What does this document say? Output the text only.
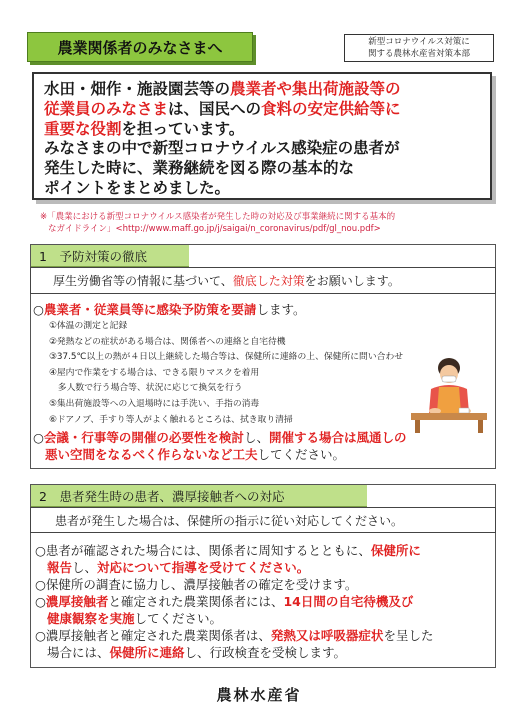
農業関係者のみなさまへ	新型コロナウイルス対策に
関する農林水産省対策本部
水田・畑作・施設園芸等の農業者や集出荷施設等の
従業員のみなさまは、国民への食料の安定供給等に
重要な役割を担っています。
みなさまの中で新型コロナウイルス感染症の患者が
発生した時に、業務継続を図る際の基本的な
ポイントをまとめました。
※「農業における新型コロナウイルス感染者が発生した時の対応及び事業継続に関する基本的
なガイドライン」<http://www.maff.go.jp/j/saigai/n_coronavirus/pdf/gl_nou.pdf>
1　予防対策の徹底
厚生労働省等の情報に基づいて、 徹底した対策 をお願いします。
○農業者・従業員等に感染予防策を要請します。
①体温の測定と記録
②発熱などの症状がある場合は、関係者への連絡と自宅待機
③37.5℃以上の熱が４日以上継続した場合等は、保健所に連絡の上、保健所に問い合わせ
④屋内で作業をする場合は、できる限りマスクを着用
　多人数で行う場合等、状況に応じて換気を行う
⑤集出荷施設等への入退場時には手洗い、手指の消毒
⑥ドアノブ、手すり等人がよく触れるところは、拭き取り清掃
○会議・行事等の開催の必要性を検討し、開催する場合は風通しの
悪い空間をなるべく作らないなど工夫してください。
2　患者発生時の患者、濃厚接触者への対応
患者が発生した場合は、保健所の指示に従い対応してください。
○患者が確認された場合には、関係者に周知するとともに、保健所に
報告し、対応について指導を受けてください。
○保健所の調査に協力し、濃厚接触者の確定を受けます。
○濃厚接触者と確定された農業関係者には、14日間の自宅待機及び
健康観察を実施してください。
○濃厚接触者と確定された農業関係者は、発熱又は呼吸器症状を呈した
場合には、保健所に連絡し、行政検査を受検します。
農林水産省
